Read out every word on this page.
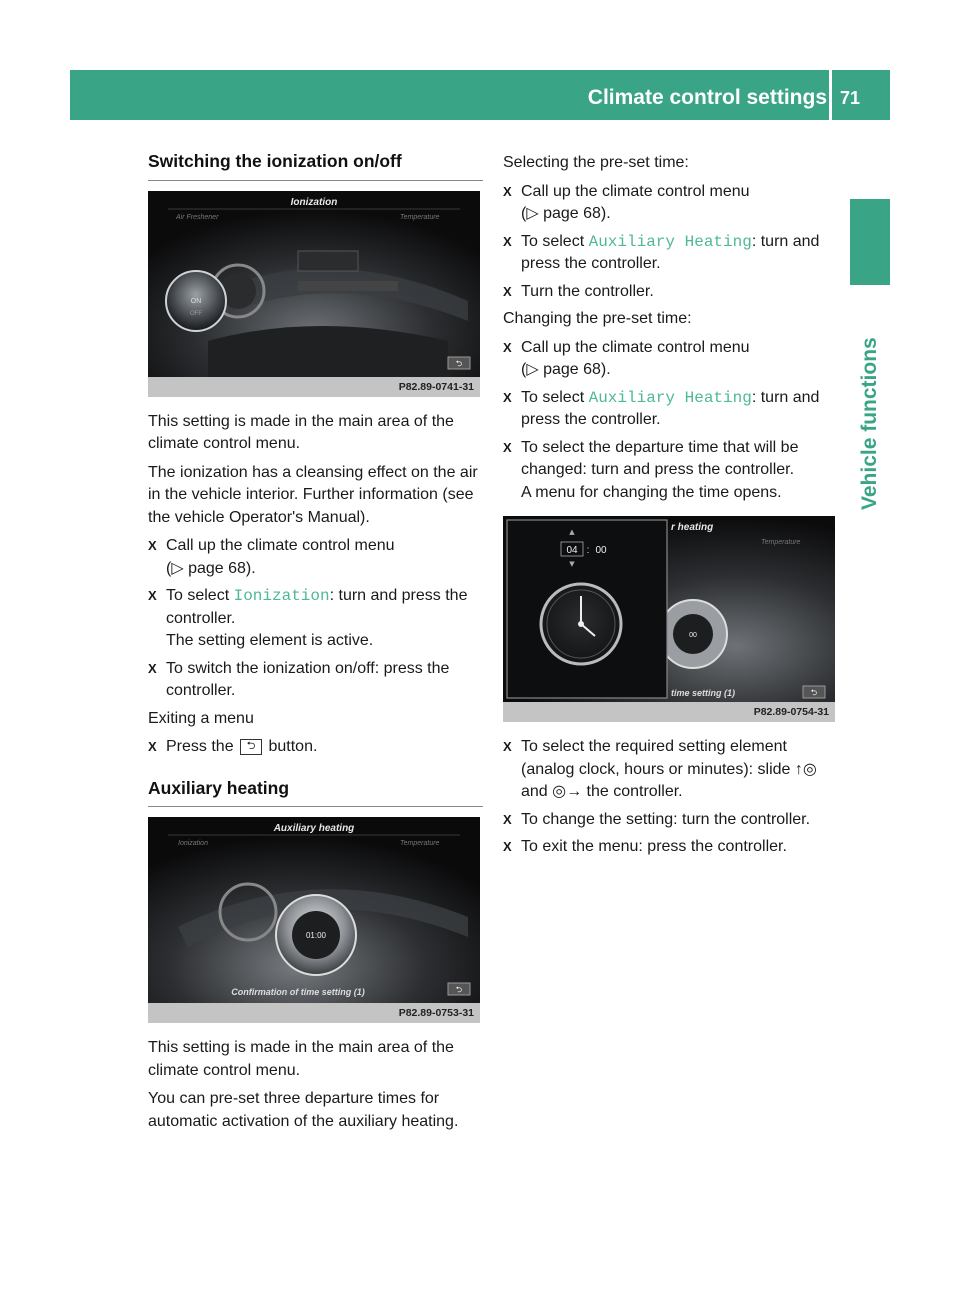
Climate control settings 71
Vehicle functions
Switching the ionization on/off
ON
OFF
Ionization
Air Freshener	Temperature
⮌
P82.89-0741-31

This setting is made in the main area of the climate control menu.

The ionization has a cleansing effect on the air in the vehicle interior. Further information (see the vehicle Operator's Manual).

X Call up the climate control menu
(▷ page 68).
X To select Ionization: turn and press the controller.
The setting element is active.
X To switch the ionization on/off: press the controller.

Exiting a menu

X Press the ⮌ button.
Auxiliary heating
01:00
Auxiliary heating
Ionization	Temperature
Confirmation of time setting (1)	⮌
P82.89-0753-31

This setting is made in the main area of the climate control menu.

You can pre-set three departure times for automatic activation of the auxiliary heating.

Selecting the pre-set time:

X Call up the climate control menu
(▷ page 68).
X To select Auxiliary Heating: turn and press the controller.
X Turn the controller.

Changing the pre-set time:

X Call up the climate control menu
(▷ page 68).
X To select Auxiliary Heating: turn and press the controller.
X To select the departure time that will be changed: turn and press the controller.
A menu for changing the time opens.
00
04 : 00
▲
▼
r heating
Temperature
time setting (1)	⮌
P82.89-0754-31
X To select the required setting element (analog clock, hours or minutes): slide ↑◎ and ◎→ the controller.
X To change the setting: turn the controller.
X To exit the menu: press the controller.
